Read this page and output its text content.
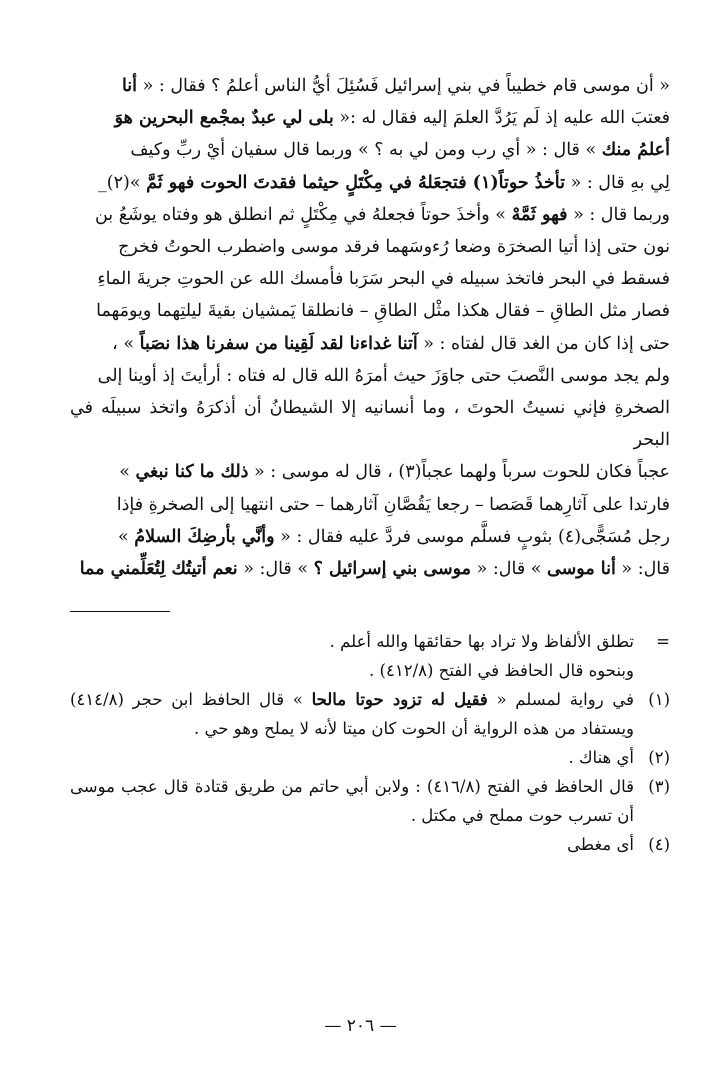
« أن موسى قام خطيباً في بني إسرائيل فَسُئِلَ أيُّ الناس أعلمُ ؟ فقال : « أنا

فعتبَ الله عليه إذ لَم يَرُدَّ العلمَ إليه فقال له :« بلى لي عبدٌ بمجْمع البحرين هوَ

أعلمُ منك » قال : « أي رب ومن لي به ؟ » وربما قال سفيان أيْ ربِّ وكيف

لِي بهِ قال : « تأخذُ حوتاً(١) فتجعَلهُ في مِكْتَلٍ حيثما فقدتَ الحوت فهو ثَمَّ »(٢)_

وربما قال : « فهو ثَمَّهْ » وأخذَ حوتاً فجعلهُ في مِكْتَلٍ ثم انطلق هو وفتاه يوشَعُ بن

نون حتى إذا أتيا الصخرَة وضعا رُءوسَهما فرقد موسى واضطرب الحوتُ فخرج

فسقط في البحر فاتخذ سبيله في البحر سَرَبا فأمسك الله عن الحوتِ جريةَ الماءِ

فصار مثل الطاقِ – فقال هكذا مثْل الطاقِ – فانطلقا يَمشيان بقيةَ ليلتِهما ويومَهما

حتى إذا كان من الغد قال لفتاه : « آتنا غداءنا لقد لَقِينا من سفرنا هذا نصَباً » ،

ولم يجد موسى النَّصبَ حتى جاوَزَ حيث أمرَهُ الله قال له فتاه : أرأيتَ إذ أوينا إلى

الصخرةِ فإني نسيتُ الحوتَ ، وما أنسانيه إلا الشيطانُ أن أذكرَهُ واتخذ سبيلَه في البحر

عجباً فكان للحوت سرباً ولهما عجباً(٣) ، قال له موسى : « ذلك ما كنا نبغي »

فارتدا على آثارِهما قَصَصا – رجعا يَقُصَّانِ آثارهما – حتى انتهيا إلى الصخرةِ فإذا

رجل مُسَجًّى(٤) بثوبٍ فسلَّم موسى فردَّ عليه فقال : « وأنَّي بأرضِكَ السلامُ »

قال: « أنا موسى » قال: « موسى بني إسرائيل ؟ » قال: « نعم أتيتُك لِتُعَلِّمني مما

=
تطلق الألفاظ ولا تراد بها حقائقها والله أعلم .
وبنحوه قال الحافظ في الفتح (٤١٢/٨) .
(١)
في رواية لمسلم « فقيل له تزود حوتا مالحا » قال الحافظ ابن حجر (٤١٤/٨) ويستفاد من هذه الرواية أن الحوت كان ميتا لأنه لا يملح وهو حي .
(٢)
أي هناك .
(٣)
قال الحافظ في الفتح (٤١٦/٨) : ولابن أبي حاتم من طريق قتادة قال عجب موسى أن تسرب حوت مملح في مكتل .
(٤)
أى مغطى
— ٢٠٦ —
